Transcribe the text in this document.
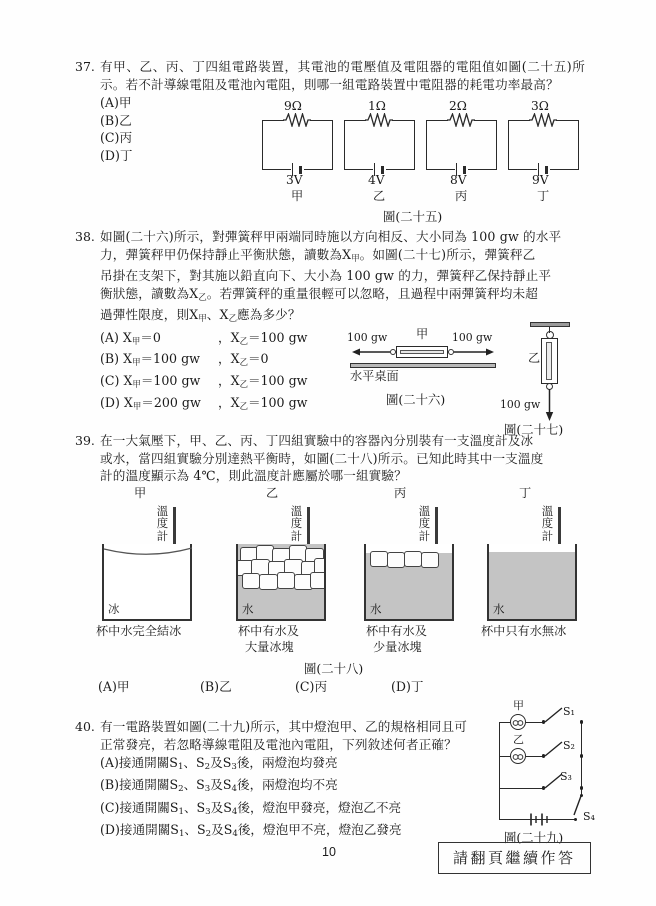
37. 有甲、乙、丙、丁四組電路裝置，其電池的電壓值及電阻器的電阻值如圖(二十五)所示。若不計導線電阻及電池內電阻，則哪一組電路裝置中電阻器的耗電功率最高？
(A)甲
(B)乙
(C)丙
(D)丁
9Ω
3V
甲
1Ω
4V
乙
2Ω
8V
丙
3Ω
9V
丁
圖(二十五)
38. 如圖(二十六)所示，對彈簧秤甲兩端同時施以方向相反、大小同為 100 gw 的水平
力，彈簧秤甲仍保持靜止平衡狀態，讀數為$X_甲$。如圖(二十七)所示，彈簧秤乙
吊掛在支架下，對其施以鉛直向下、大小為 100 gw 的力，彈簧秤乙保持靜止平
衡狀態，讀數為$X_乙$。若彈簧秤的重量很輕可以忽略，且過程中兩彈簧秤均未超
過彈性限度，則$X_甲$、$X_乙$應為多少？
(A) $X_甲=0$	，$X_乙=100$ gw
(B) $X_甲=100$ gw	，$X_乙=0$
(C) $X_甲=100$ gw	，$X_乙=100$ gw
(D) $X_甲=200$ gw	，$X_乙=100$ gw
甲
100 gw	100 gw
水平桌面
圖(二十六)
乙
100 gw
圖(二十七)
39. 在一大氣壓下，甲、乙、丙、丁四組實驗中的容器內分別裝有一支溫度計及冰
或水，當四組實驗分別達熱平衡時，如圖(二十八)所示。已知此時其中一支溫度
計的溫度顯示為 4℃，則此溫度計應屬於哪一組實驗？
甲	乙	丙	丁
溫
度
計
冰
杯中水完全結冰
溫
度
計
水
杯中有水及
大量冰塊
溫
度
計
水
杯中有水及
少量冰塊
溫
度
計
水
杯中只有水無冰
圖(二十八)
(A)甲	(B)乙	(C)丙	(D)丁
40. 有一電路裝置如圖(二十九)所示，其中燈泡甲、乙的規格相同且可
正常發亮，若忽略導線電阻及電池內電阻，下列敘述何者正確？
(A)接通開關$S_1$、$S_2$及$S_3$後，兩燈泡均發亮
(B)接通開關$S_2$、$S_3$及$S_4$後，兩燈泡均不亮
(C)接通開關$S_1$、$S_3$及$S_4$後，燈泡甲發亮，燈泡乙不亮
(D)接通開關$S_1$、$S_2$及$S_4$後，燈泡甲不亮，燈泡乙發亮
甲
乙
S₁
S₂
S₃
S₄
圖(二十九)
10	請翻頁繼續作答
